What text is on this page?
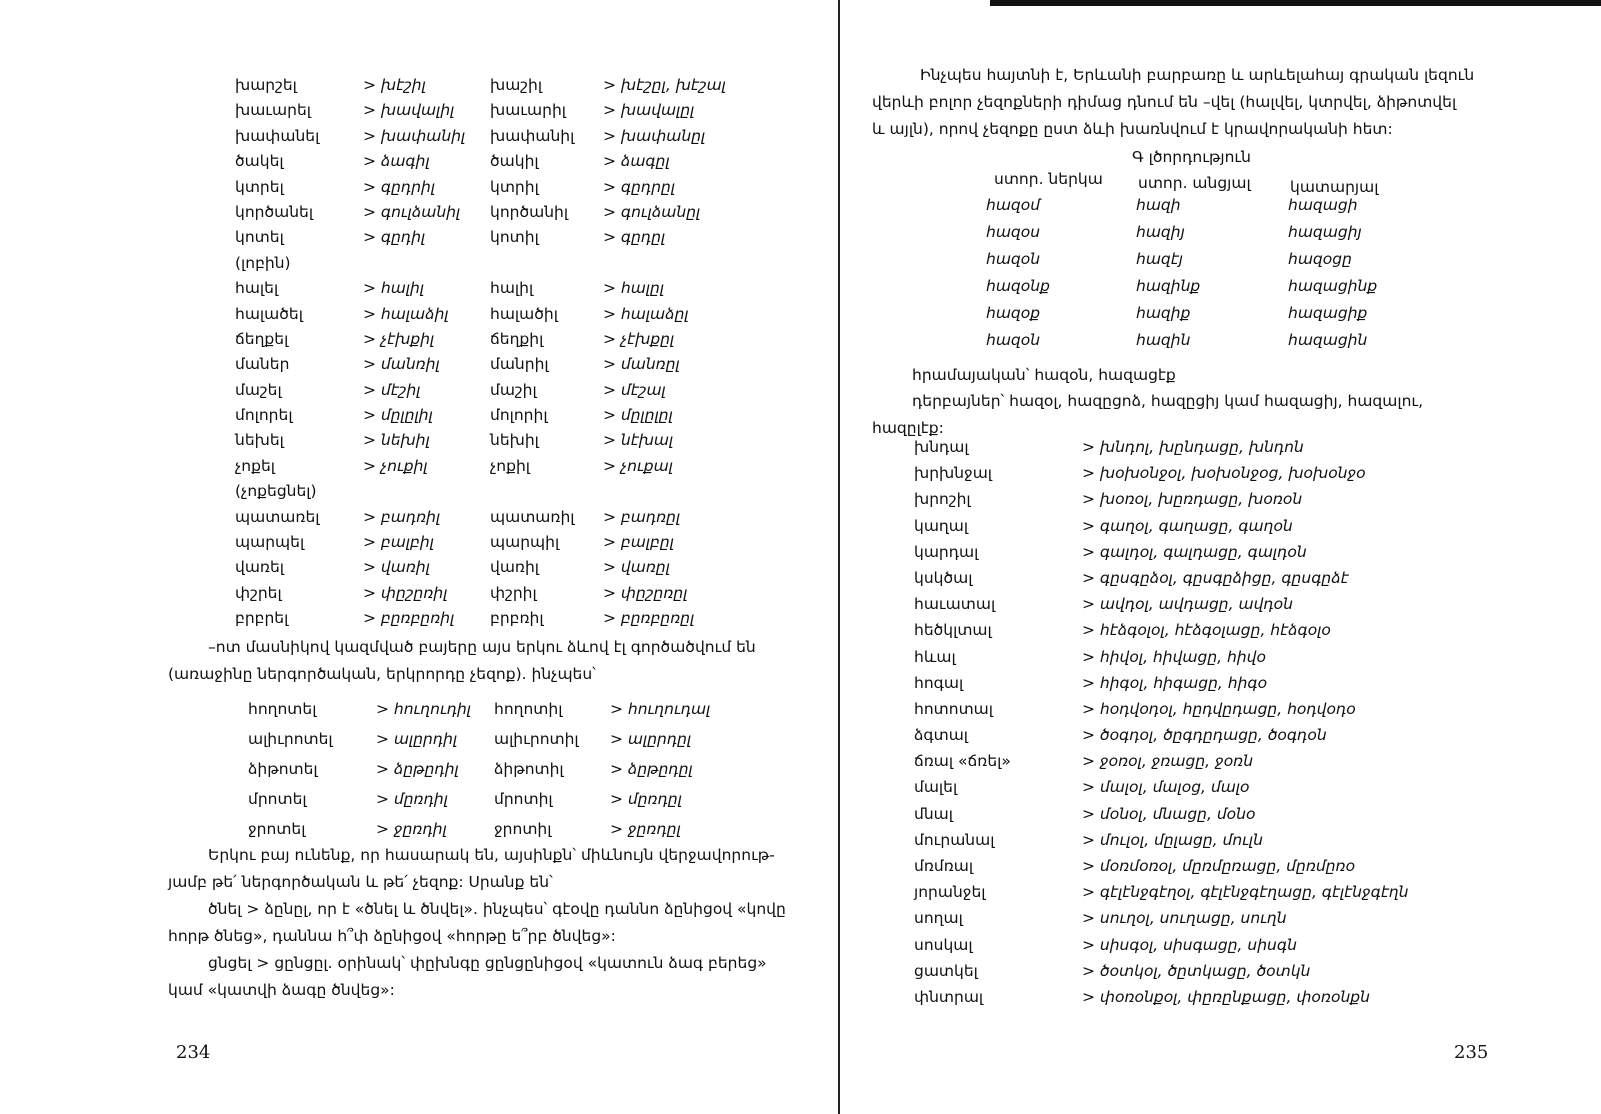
խարշել	> խէշիլ	խաշիլ	> խէշըլ, խէշալ
խաւարել	> խավալիլ խաւարիլ > խավալըլ
խափանել	> խափանիլ խափանիլ > խափանըլ
ծակել	> ձագիլ	ծակիլ	> ձագըլ
կտրել	> գըդրիլ	կտրիլ	> գըդրըլ
կործանել	> գուլձանիլ կործանիլ > գուլձանըլ
կոտել	> գըդիլ	կոտիլ	> գըդըլ
(լոբին)
հալել	> հալիլ	հալիլ	> հալըլ
հալածել	> հալաձիլ	հալածիլ	> հալաձըլ
ճեղքել	> չէխքիլ	ճեղքիլ	> չէխքըլ
մաներ	> մանռիլ	մանրիլ	> մանռըլ
մաշել	> մէշիլ	մաշիլ	> մէշալ
մոլորել	> մըլըլիլ	մոլորիլ	> մըլըլըլ
նեխել	> նեխիլ	նեխիլ	> նէխալ
չոքել	> չուքիլ	չոքիլ	> չուքալ
(չոքեցնել)
պատառել	> բադռիլ	պատառիլ > բադռըլ
պարպել	> բալբիլ	պարպիլ	> բալբըլ
վառել	> վառիլ	վառիլ	> վառըլ
փշրել	> փըշըռիլ	փշրիլ	> փըշըռըլ
բրբրել	> բըռբըռիլ բրբռիլ	> բըռբըռըլ
–ոտ մասնիկով կազմված բայերը այս երկու ձևով էլ գործածվում են
(առաջինը ներգործական, երկրորդը չեզոք). ինչպես՝
հողոտել	> հուղուդիլ հողոտիլ	> հուղուդալ
ալիւրոտել	> ալըրդիլ ալիւրոտիլ > ալըրդըլ
ձիթոտել	> ձըթըդիլ ձիթոտիլ	> ձըթըդըլ
մրոտել	> մըռդիլ	մրոտիլ	> մըռդըլ
ջրոտել	> ջըռդիլ	ջրոտիլ	> ջըռդըլ
Երկու բայ ունենք, որ հասարակ են, այսինքն՝ միևնույն վերջավորութ-
յամբ թե՛ ներգործական և թե՛ չեզոք: Սրանք են՝
ծնել > ձընըլ, որ է «ծնել և ծնվել». ինչպես՝ գէօվը դաննո ձընիցօվ «կովը
հորթ ծնեց», դաննա հ՞փ ձընիցօվ «հորթը ե՞րբ ծնվեց»:
ցնցել > ցընցըլ. օրինակ՝ փըխնգը ցընցընիցօվ «կատուն ձագ բերեց»
կամ «կատվի ձագը ծնվեց»:
234
Ինչպես հայտնի է, Երևանի բարբառը և արևելահայ գրական լեզուն
վերևի բոլոր չեզոքների դիմաց դնում են –վել (հալվել, կտրվել, ձիթոտվել
և այլն), որով չեզոքը ըստ ձևի խառնվում է կրավորականի հետ:
Գ լծորդություն
ստոր. ներկա ստոր. անցյալ	կատարյալ
հազօմ	հազի	հազացի
հազօս	հազիյ	հազացիյ
հազօն	հազէյ	հազօցը
հազօնք	հազինք	հազացինք
հազօք	հազիք	հազացիք
հազօն	հազին	հազացին
հրամայական՝ հազօն, հազացէք
դերբայներ՝ հազօլ, հազըցոձ, հազըցիյ կամ հազացիյ, հազալու,
հազըլէք:
խնդալ	> խնդոլ, խընդացը, խնդոն
խրխնջալ	> խօխօնջօլ, խօխօնջօց, խօխօնջօ
խրոշիլ	> խօռօլ, խըռդացը, խօռօն
կաղալ	> գաղօլ, գաղացը, գաղօն
կարդալ	> գալդօլ, գալդացը, գալդօն
կսկծալ	> գըսգըձօլ, գըսգըձիցը, գըսգըձէ
հաւատալ	> ավդօլ, ավդացը, ավդօն
հեծկլտալ	> հէձգօլօլ, հէձգօլացը, հէձգօլօ
հևալ	> հիվօլ, հիվացը, հիվօ
հոգալ	> հիգօլ, հիգացը, հիգօ
հոտոտալ	> հօդվօդօլ, հըդվըդացը, հօդվօդօ
ձգտալ	> ծօգդօլ, ծըգդըդացը, ծօգդօն
ճռալ «ճռել»	> ջօռօլ, ջռացը, ջօռն
մալել	> մալօլ, մալօց, մալօ
մնալ	> մօնօլ, մնացը, մօնօ
մուրանալ	> մուլօլ, մըլացը, մուլն
մռմռալ	> մօռմօռօլ, մըռմըռացը, մըռմըռօ
յորանջել	> գէլէնջգէղօլ, գէլէնջգէղացը, գէլէնջգէղն
սողալ	> սուղօլ, սուղացը, սուղն
սոսկալ	> սիսգօլ, սիսգացը, սիսգն
ցատկել	> ծօտկօլ, ծըտկացը, ծօտկն
փնտրալ	> փօռօնքօլ, փըռընքացը, փօռօնքն
235
